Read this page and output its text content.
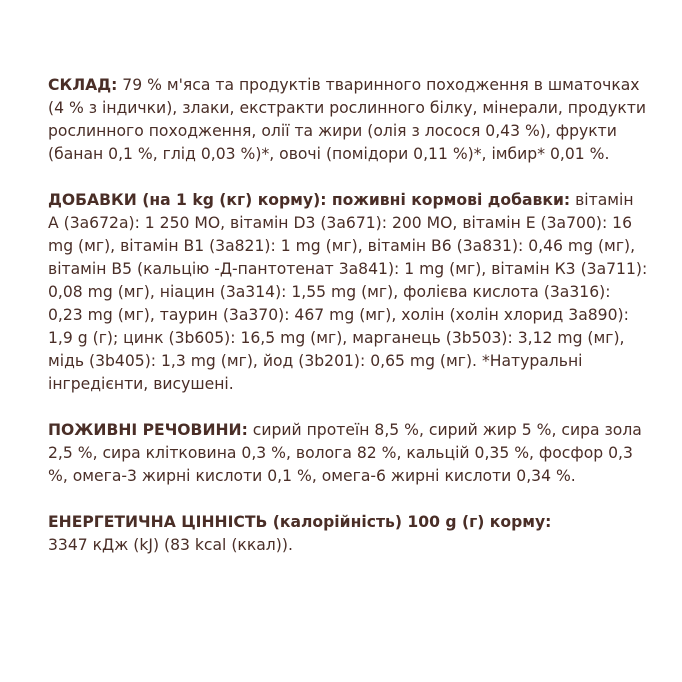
СКЛАД: 79 % м'яса та продуктів тваринного походження в шматочках (4 % з індички), злаки, екстракти рослинного білку, мінерали, продукти рослинного походження, олії та жири (олія з лосося 0,43 %), фрукти (банан 0,1 %, глід 0,03 %)*, овочі (помідори 0,11 %)*, імбир* 0,01 %.

ДОБАВКИ (на 1 kg (кг) корму): поживні кормові добавки: вітамін А (3а672а): 1 250 МО, вітамін D3 (3а671): 200 МО, вітамін Е (3а700): 16 mg (мг), вітамін В1 (3а821): 1 mg (мг), вітамін В6 (3а831): 0,46 mg (мг), вітамін В5 (кальцію -Д-пантотенат 3а841): 1 mg (мг), вітамін К3 (3а711): 0,08 mg (мг), ніацин (3а314): 1,55 mg (мг), фолієва кислота (3а316): 0,23 mg (мг), таурин (3а370): 467 mg (мг), холін (холін хлорид 3а890): 1,9 g (г); цинк (3b605): 16,5 mg (мг), марганець (3b503): 3,12 mg (мг), мідь (3b405): 1,3 mg (мг), йод (3b201): 0,65 mg (мг). *Натуральні інгредієнти, висушені.

ПОЖИВНІ РЕЧОВИНИ: сирий протеїн 8,5 %, сирий жир 5 %, сира зола 2,5 %, сира клітковина 0,3 %, волога 82 %, кальцій 0,35 %, фосфор 0,3 %, омега-3 жирні кислоти 0,1 %, омега-6 жирні кислоти 0,34 %.

ЕНЕРГЕТИЧНА ЦІННІСТЬ (калорійність) 100 g (г) корму:
3347 кДж (kJ) (83 kcal (ккал)).
